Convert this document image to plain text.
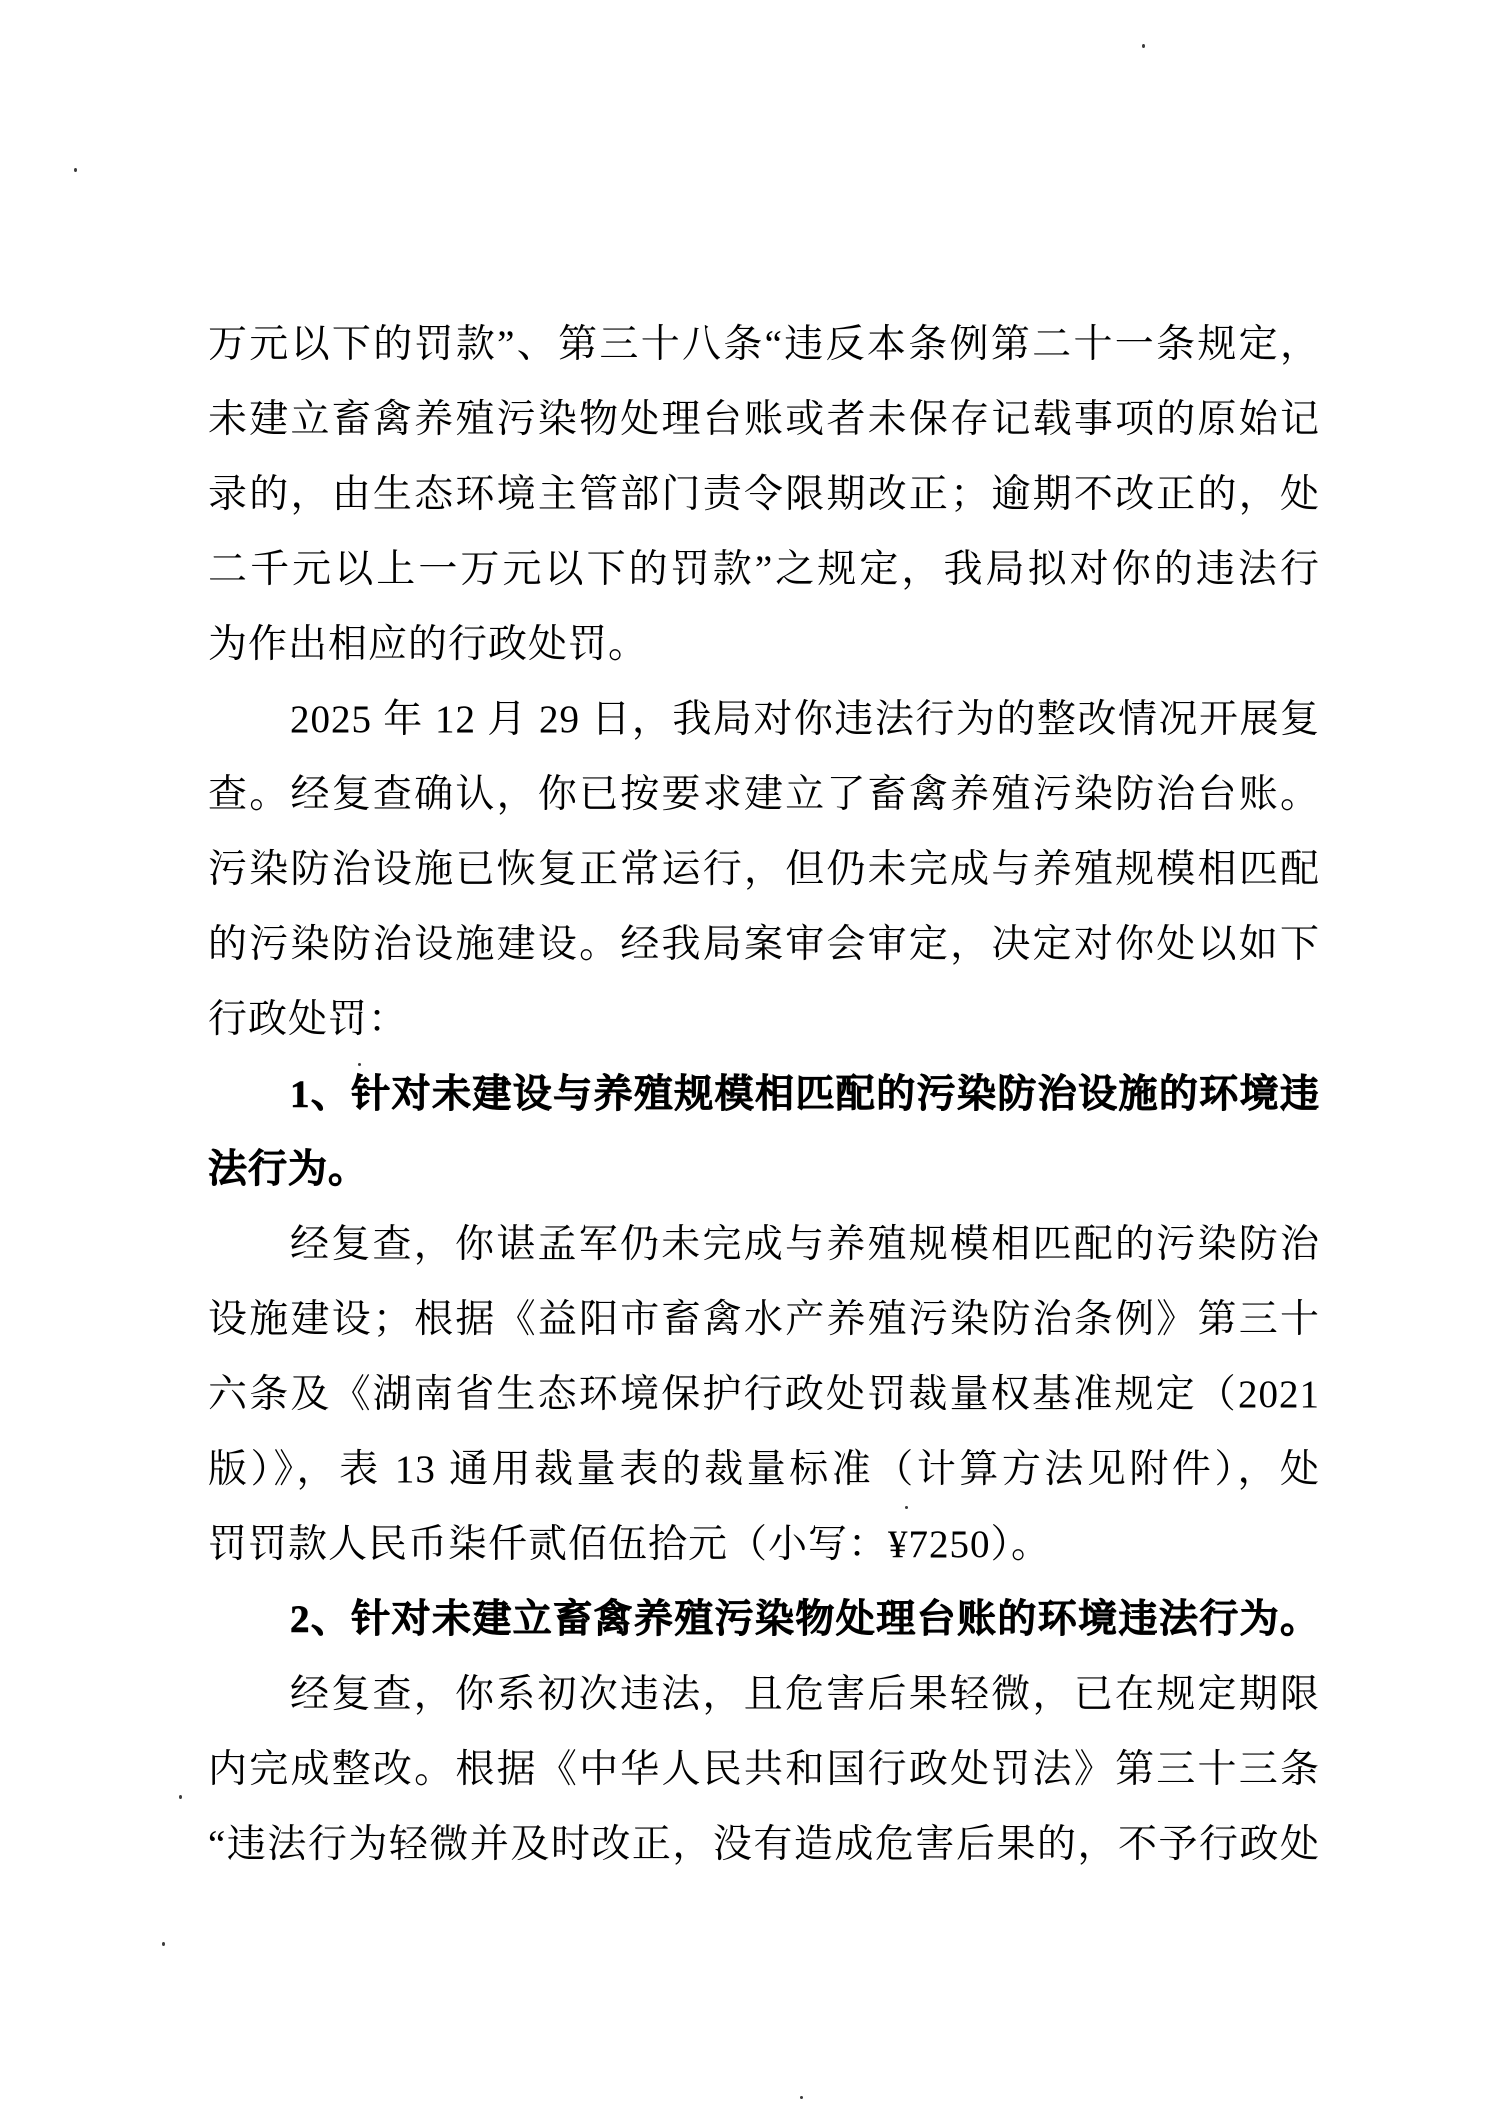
万元以下的罚款”、第三十八条“违反本条例第二十一条规定，
未建立畜禽养殖污染物处理台账或者未保存记载事项的原始记
录的，由生态环境主管部门责令限期改正；逾期不改正的，处
二千元以上一万元以下的罚款”之规定，我局拟对你的违法行
为作出相应的行政处罚。
2025 年 12 月 29 日，我局对你违法行为的整改情况开展复
查。经复查确认，你已按要求建立了畜禽养殖污染防治台账。
污染防治设施已恢复正常运行，但仍未完成与养殖规模相匹配
的污染防治设施建设。经我局案审会审定，决定对你处以如下
行政处罚：
1、针对未建设与养殖规模相匹配的污染防治设施的环境违
法行为。
经复查，你谌孟军仍未完成与养殖规模相匹配的污染防治
设施建设；根据《益阳市畜禽水产养殖污染防治条例》第三十
六条及《湖南省生态环境保护行政处罚裁量权基准规定（2021
版）》，表 13 通用裁量表的裁量标准（计算方法见附件），处
罚罚款人民币柒仟贰佰伍拾元（小写：¥7250）。
2、针对未建立畜禽养殖污染物处理台账的环境违法行为。
经复查，你系初次违法，且危害后果轻微，已在规定期限
内完成整改。根据《中华人民共和国行政处罚法》第三十三条
“违法行为轻微并及时改正，没有造成危害后果的，不予行政处
